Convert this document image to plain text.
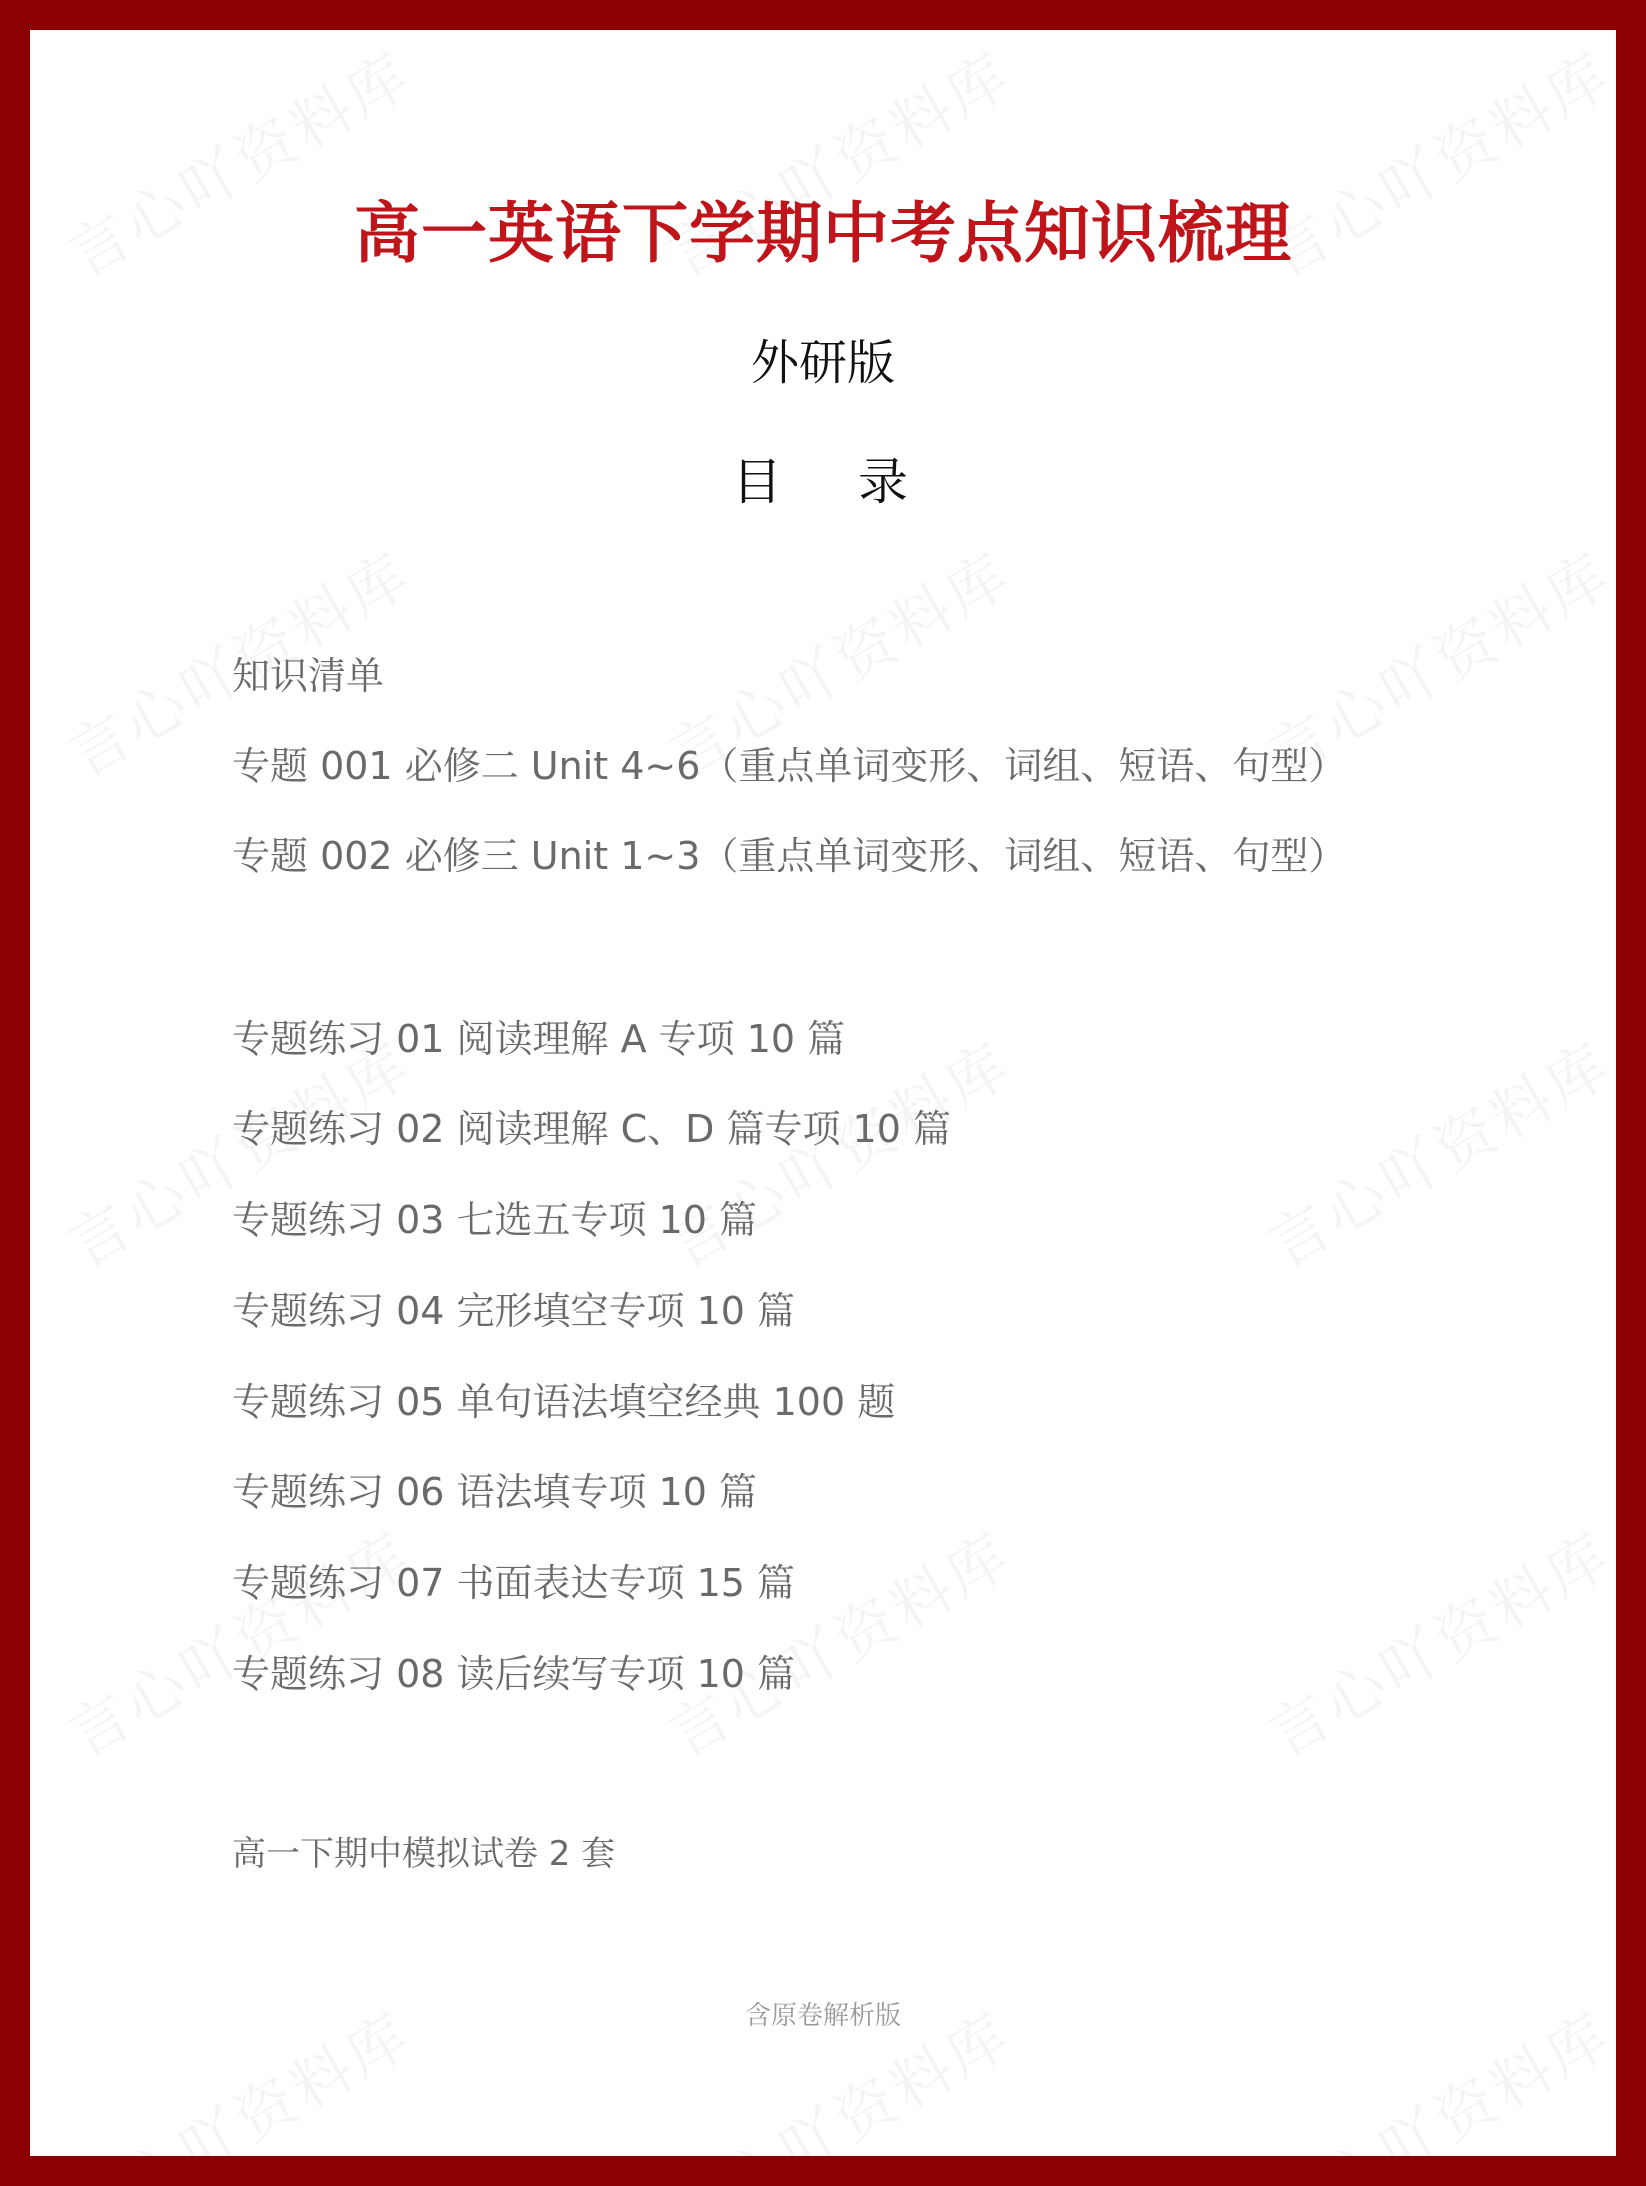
高一英语下学期中考点知识梳理
外研版
目 录
知识清单
专题 001 必修二 Unit 4~6（重点单词变形、词组、短语、句型）
专题 002 必修三 Unit 1~3（重点单词变形、词组、短语、句型）
专题练习 01 阅读理解 A 专项 10 篇
专题练习 02 阅读理解 C、D 篇专项 10 篇
专题练习 03 七选五专项 10 篇
专题练习 04 完形填空专项 10 篇
专题练习 05 单句语法填空经典 100 题
专题练习 06 语法填专项 10 篇
专题练习 07 书面表达专项 15 篇
专题练习 08 读后续写专项 10 篇
高一下期中模拟试卷 2 套
含原卷解析版
